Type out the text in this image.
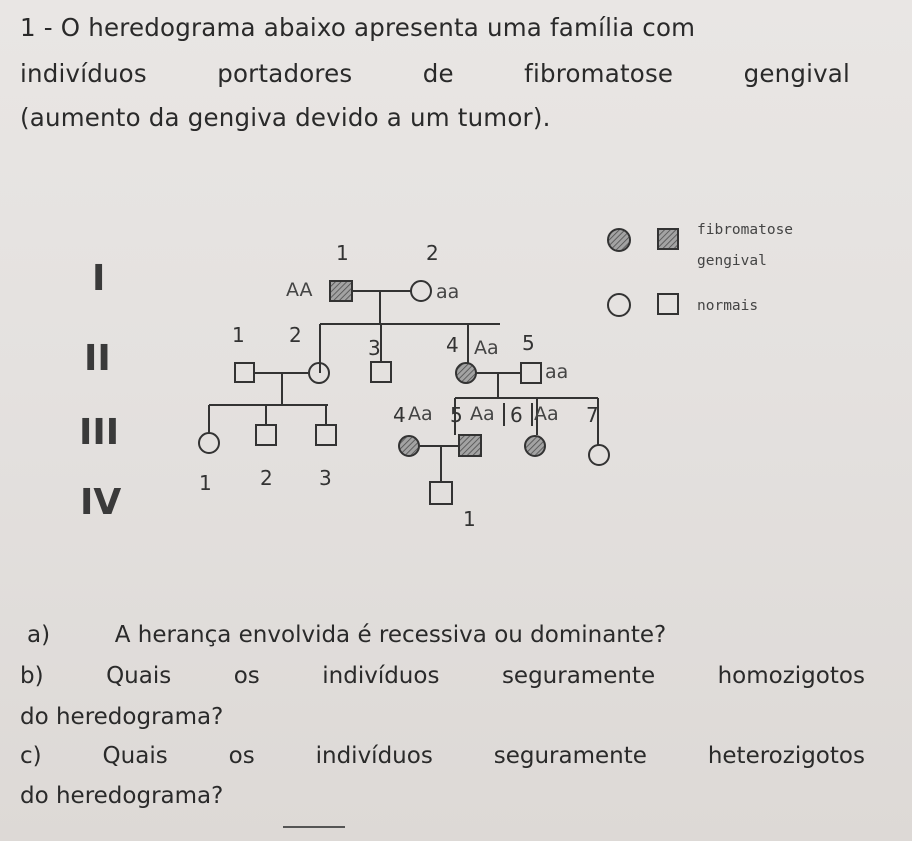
1 - O heredograma abaixo apresenta uma família com
indivíduos	portadores	de	fibromatose	gengival
(aumento da gengiva devido a um tumor).
I
II
III
IV
fibromatose
gengival
normais
1	2
AA	aa
1 2
3	4	5
Aa
aa
1 2 3
4 5 6	7
Aa Aa Aa
1
a)	A herança envolvida é recessiva ou dominante?
b)	Quais	os	indivíduos	seguramente	homozigotos
do heredograma?
c)	Quais	os	indivíduos	seguramente	heterozigotos
do heredograma?
